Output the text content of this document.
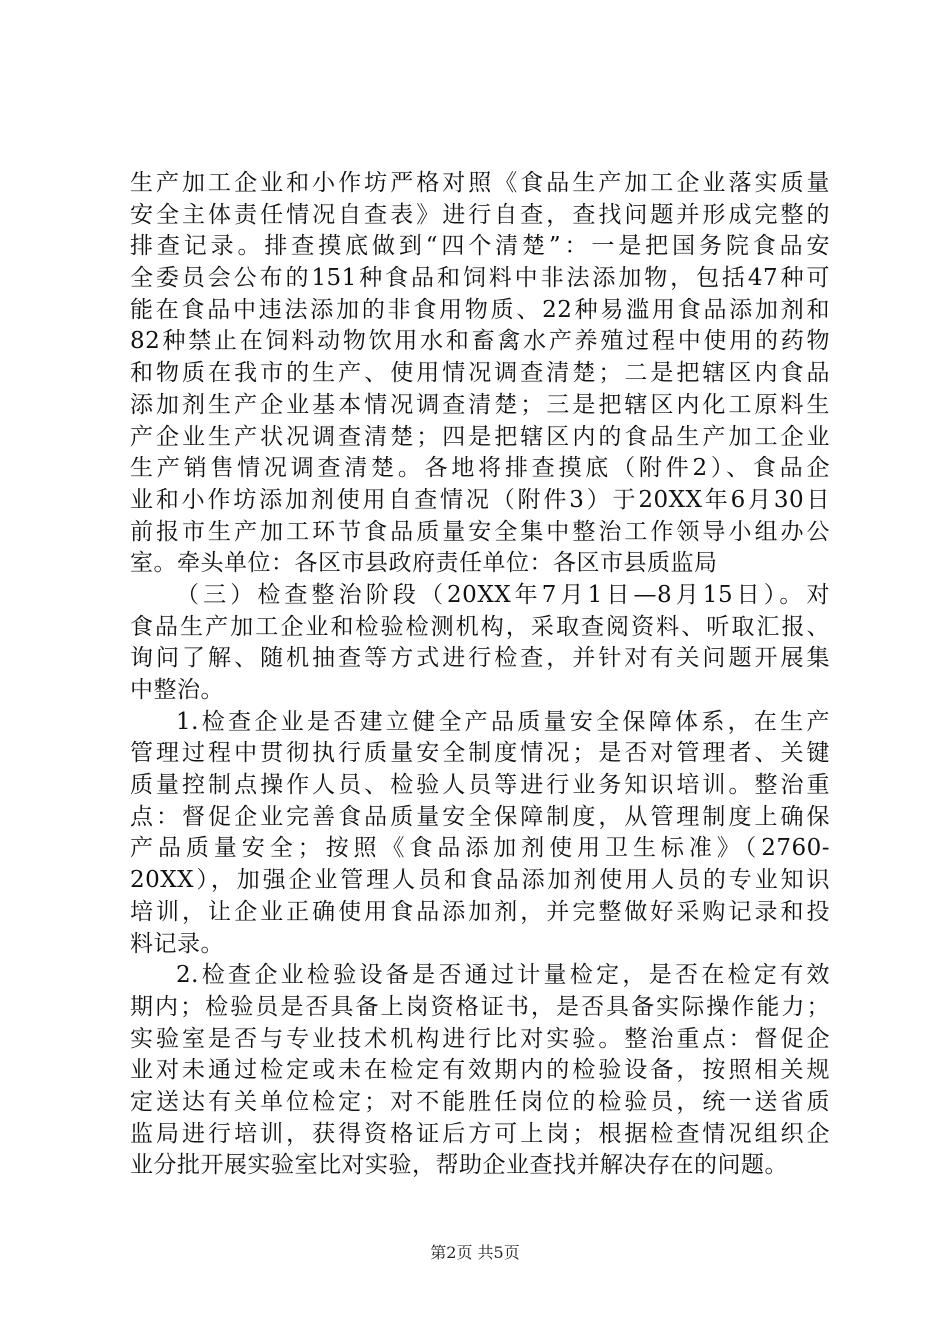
生产加工企业和小作坊严格对照《食品生产加工企业落实质量
安全主体责任情况自查表》进行自查，查找问题并形成完整的
排查记录。排查摸底做到“四个清楚”：一是把国务院食品安
全委员会公布的151种食品和饲料中非法添加物，包括47种可
能在食品中违法添加的非食用物质、22种易滥用食品添加剂和
82种禁止在饲料动物饮用水和畜禽水产养殖过程中使用的药物
和物质在我市的生产、使用情况调查清楚；二是把辖区内食品
添加剂生产企业基本情况调查清楚；三是把辖区内化工原料生
产企业生产状况调查清楚；四是把辖区内的食品生产加工企业
生产销售情况调查清楚。各地将排查摸底（附件2）、食品企
业和小作坊添加剂使用自查情况（附件3）于20XX年6月30日
前报市生产加工环节食品质量安全集中整治工作领导小组办公
室。牵头单位：各区市县政府责任单位：各区市县质监局
（三）检查整治阶段（20XX年7月1日—8月15日）。对
食品生产加工企业和检验检测机构，采取查阅资料、听取汇报、
询问了解、随机抽查等方式进行检查，并针对有关问题开展集
中整治。
1.检查企业是否建立健全产品质量安全保障体系，在生产
管理过程中贯彻执行质量安全制度情况；是否对管理者、关键
质量控制点操作人员、检验人员等进行业务知识培训。整治重
点：督促企业完善食品质量安全保障制度，从管理制度上确保
产品质量安全；按照《食品添加剂使用卫生标准》（2760-
20XX），加强企业管理人员和食品添加剂使用人员的专业知识
培训，让企业正确使用食品添加剂，并完整做好采购记录和投
料记录。
2.检查企业检验设备是否通过计量检定，是否在检定有效
期内；检验员是否具备上岗资格证书，是否具备实际操作能力；
实验室是否与专业技术机构进行比对实验。整治重点：督促企
业对未通过检定或未在检定有效期内的检验设备，按照相关规
定送达有关单位检定；对不能胜任岗位的检验员，统一送省质
监局进行培训，获得资格证后方可上岗；根据检查情况组织企
业分批开展实验室比对实验，帮助企业查找并解决存在的问题。
第2页 共5页
